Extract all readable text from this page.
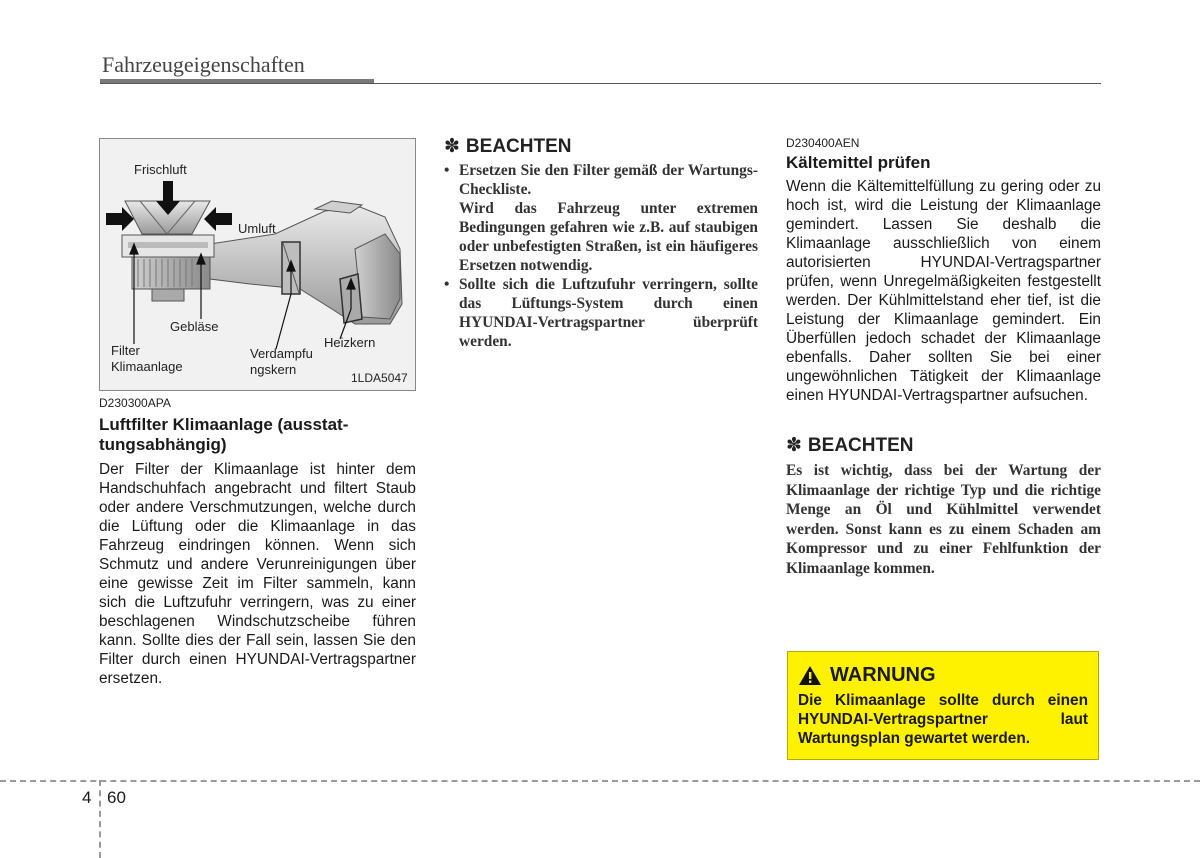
Fahrzeugeigenschaften
Frischluft
Umluft
Gebläse
Filter
Klimaanlage
Verdampfu
ngskern
Heizkern
1LDA5047
D230300APA
Luftfilter Klimaanlage (ausstat-tungsabhängig)
Der Filter der Klimaanlage ist hinter dem Handschuhfach angebracht und filtert Staub oder andere Verschmutzungen, welche durch die Lüftung oder die Klimaanlage in das Fahrzeug eindringen können. Wenn sich Schmutz und andere Verunreinigungen über eine gewisse Zeit im Filter sammeln, kann sich die Luftzufuhr verringern, was zu einer beschlagenen Windschutzscheibe führen kann. Sollte dies der Fall sein, lassen Sie den Filter durch einen HYUNDAI-Vertragspartner ersetzen.
✽ BEACHTEN
• Ersetzen Sie den Filter gemäß der Wartungs-Checkliste.
Wird das Fahrzeug unter extremen Bedingungen gefahren wie z.B. auf staubigen oder unbefestigten Straßen, ist ein häufigeres Ersetzen notwendig.
• Sollte sich die Luftzufuhr verringern, sollte das Lüftungs-System durch einen HYUNDAI-Vertragspartner überprüft werden.
D230400AEN
Kältemittel prüfen
Wenn die Kältemittelfüllung zu gering oder zu hoch ist, wird die Leistung der Klimaanlage gemindert. Lassen Sie deshalb die Klimaanlage ausschließlich von einem autorisierten HYUNDAI-Vertragspartner prüfen, wenn Unregelmäßigkeiten festgestellt werden. Der Kühlmittelstand eher tief, ist die Leistung der Klimaanlage gemindert. Ein Überfüllen jedoch schadet der Klimaanlage ebenfalls. Daher sollten Sie bei einer ungewöhnlichen Tätigkeit der Klimaanlage einen HYUNDAI-Vertragspartner aufsuchen.
✽ BEACHTEN
Es ist wichtig, dass bei der Wartung der Klimaanlage der richtige Typ und die richtige Menge an Öl und Kühlmittel verwendet werden. Sonst kann es zu einem Schaden am Kompressor und zu einer Fehlfunktion der Klimaanlage kommen.
WARNUNG
Die Klimaanlage sollte durch einen HYUNDAI-Vertragspartner laut Wartungsplan gewartet werden.
4 60
